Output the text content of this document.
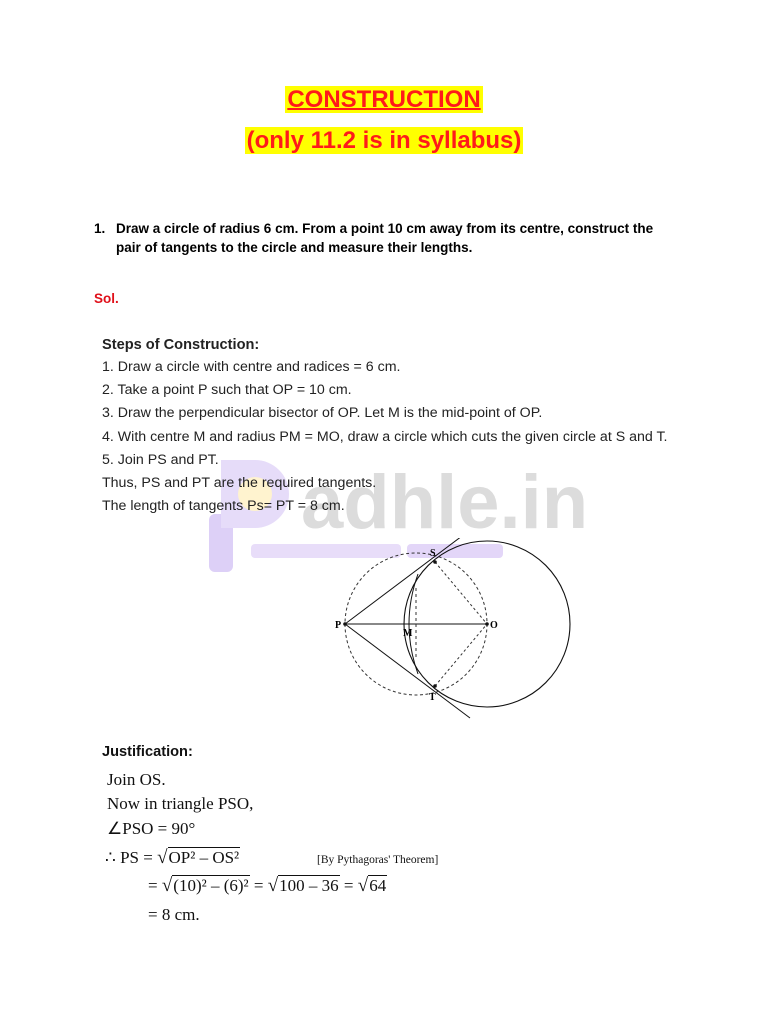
CONSTRUCTION
(only 11.2 is in syllabus)
1. Draw a circle of radius 6 cm. From a point 10 cm away from its centre, construct the pair of tangents to the circle and measure their lengths.
Sol.
adhle.in
Steps of Construction:
1. Draw a circle with centre and radices = 6 cm.
2. Take a point P such that OP = 10 cm.
3. Draw the perpendicular bisector of OP. Let M is the mid-point of OP.
4. With centre M and radius PM = MO, draw a circle which cuts the given circle at S and T.
5. Join PS and PT.
Thus, PS and PT are the required tangents.
The length of tangents Ps= PT = 8 cm.
P
M
O
S
T
Justification:
Join OS.
Now in triangle PSO,
∠PSO = 90°
∴ PS = √OP² – OS²	[By Pythagoras' Theorem]
= √(10)² – (6)² = √100 – 36 = √64
= 8 cm.
